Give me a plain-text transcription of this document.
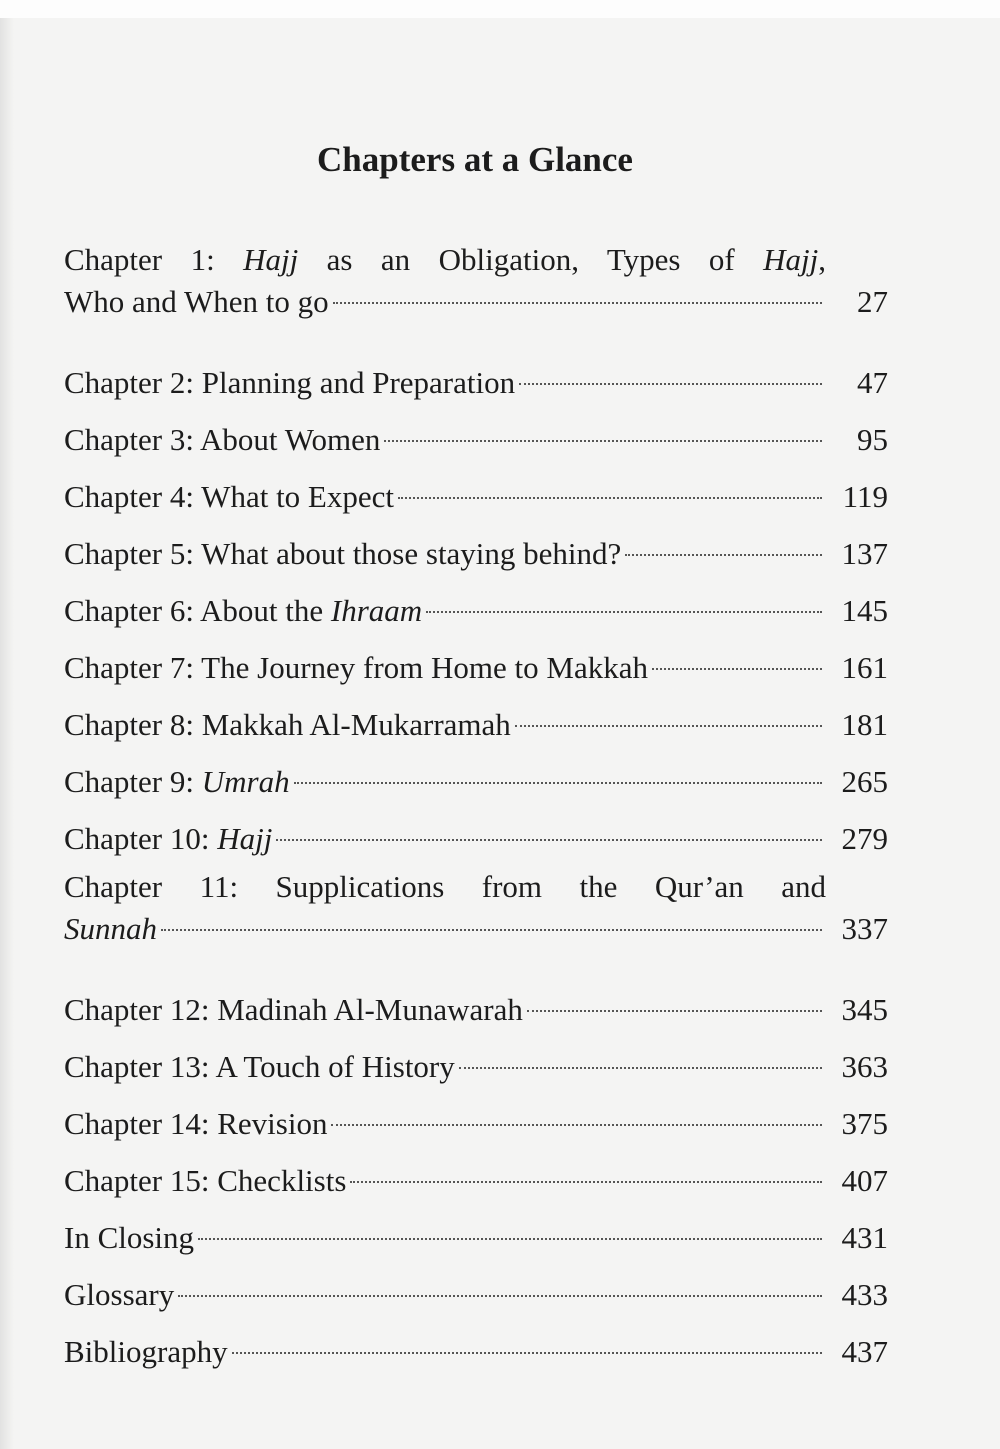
Chapters at a Glance
Chapter 1: Hajj as an Obligation, Types of Hajj,
Who and When to go	27
Chapter 2: Planning and Preparation	47
Chapter 3: About Women	95
Chapter 4: What to Expect	119
Chapter 5: What about those staying behind?	137
Chapter 6: About the Ihraam	145
Chapter 7: The Journey from Home to Makkah	161
Chapter 8: Makkah Al-Mukarramah	181
Chapter 9: Umrah	265
Chapter 10: Hajj	279
Chapter 11: Supplications from the Qur’an and
Sunnah	337
Chapter 12: Madinah Al-Munawarah	345
Chapter 13: A Touch of History	363
Chapter 14: Revision	375
Chapter 15: Checklists	407
In Closing	431
Glossary	433
Bibliography	437
